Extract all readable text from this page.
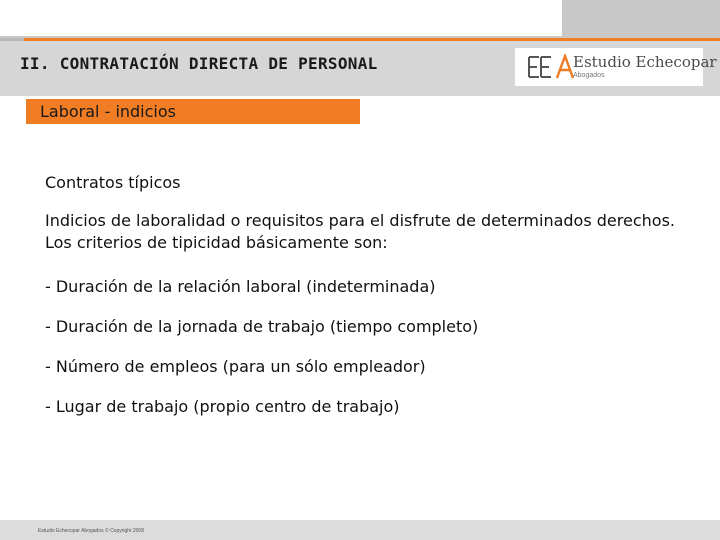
II. CONTRATACIÓN DIRECTA DE PERSONAL	Estudio Echecopar
Abogados
Laboral - indicios

Contratos típicos

Indicios de laboralidad o requisitos para el disfrute de determinados derechos. Los criterios de tipicidad básicamente son:

- Duración de la relación laboral (indeterminada)

- Duración de la jornada de trabajo (tiempo completo)

- Número de empleos (para un sólo empleador)

- Lugar de trabajo (propio centro de trabajo)

Estudio Echecopar Abogados © Copyright 2008
